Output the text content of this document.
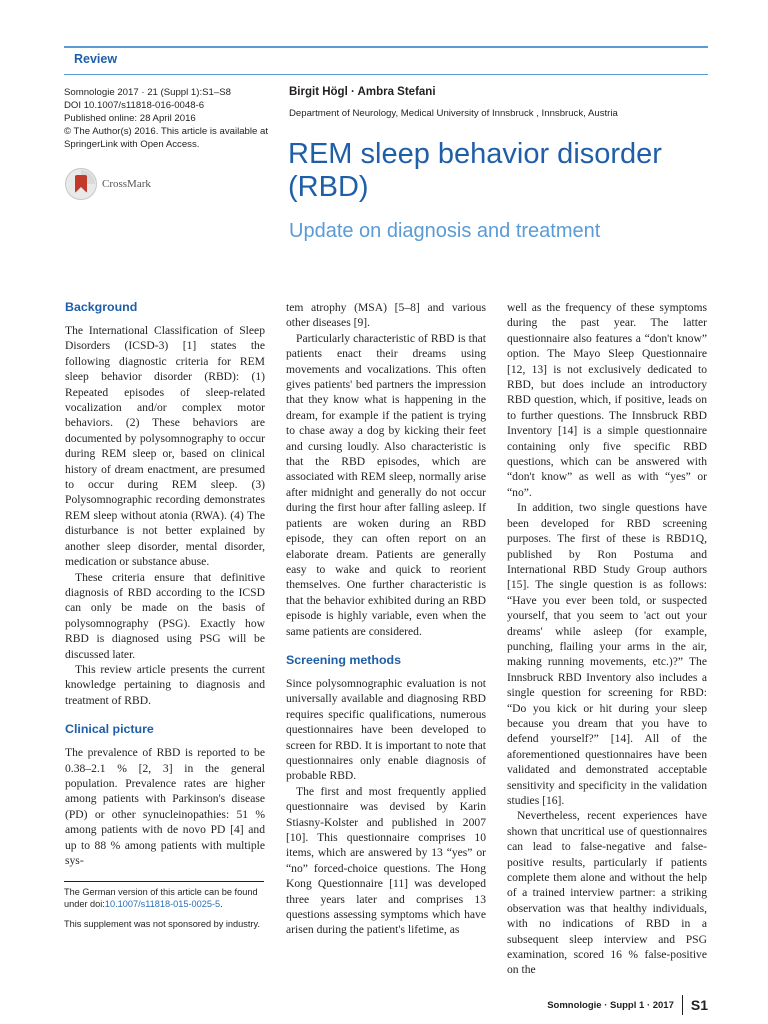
Review
Somnologie 2017 · 21 (Suppl 1):S1–S8
DOI 10.1007/s11818-016-0048-6
Published online: 28 April 2016
© The Author(s) 2016. This article is available at
SpringerLink with Open Access.
CrossMark
Birgit Högl · Ambra Stefani
Department of Neurology, Medical University of Innsbruck , Innsbruck, Austria
REM sleep behavior disorder (RBD)
Update on diagnosis and treatment
Background

The International Classification of Sleep Disorders (ICSD-3) [1] states the following diagnostic criteria for REM sleep behavior disorder (RBD): (1) Repeated episodes of sleep-related vocalization and/or complex motor behaviors. (2) These behaviors are documented by polysomnography to occur during REM sleep or, based on clinical history of dream enactment, are presumed to occur during REM sleep. (3) Polysomnographic recording demonstrates REM sleep without atonia (RWA). (4) The disturbance is not better explained by another sleep disorder, mental disorder, medication or substance abuse.

These criteria ensure that definitive diagnosis of RBD according to the ICSD can only be made on the basis of polysomnography (PSG). Exactly how RBD is diagnosed using PSG will be discussed later.

This review article presents the current knowledge pertaining to diagnosis and treatment of RBD.

Clinical picture

The prevalence of RBD is reported to be 0.38–2.1 % [2, 3] in the general population. Prevalence rates are higher among patients with Parkinson's disease (PD) or other synucleinopathies: 51 % among patients with de novo PD [4] and up to 88 % among patients with multiple sys-

tem atrophy (MSA) [5–8] and various other diseases [9].

Particularly characteristic of RBD is that patients enact their dreams using movements and vocalizations. This often gives patients' bed partners the impression that they know what is happening in the dream, for example if the patient is trying to chase away a dog by kicking their feet and cursing loudly. Also characteristic is that the RBD episodes, which are associated with REM sleep, normally arise after midnight and generally do not occur during the first hour after falling asleep. If patients are woken during an RBD episode, they can often report on an elaborate dream. Patients are generally easy to wake and quick to reorient themselves. One further characteristic is that the behavior exhibited during an RBD episode is highly variable, even when the same patients are considered.

Screening methods

Since polysomnographic evaluation is not universally available and diagnosing RBD requires specific qualifications, numerous questionnaires have been developed to screen for RBD. It is important to note that questionnaires only enable diagnosis of probable RBD.

The first and most frequently applied questionnaire was devised by Karin Stiasny-Kolster and published in 2007 [10]. This questionnaire comprises 10 items, which are answered by 13 “yes” or “no” forced-choice questions. The Hong Kong Questionnaire [11] was developed three years later and comprises 13 questions assessing symptoms which have arisen during the patient's lifetime, as

well as the frequency of these symptoms during the past year. The latter questionnaire also features a “don't know” option. The Mayo Sleep Questionnaire [12, 13] is not exclusively dedicated to RBD, but does include an introductory RBD question, which, if positive, leads on to further questions. The Innsbruck RBD Inventory [14] is a simple questionnaire containing only five specific RBD questions, which can be answered with “don't know” as well as with “yes” or “no”.

In addition, two single questions have been developed for RBD screening purposes. The first of these is RBD1Q, published by Ron Postuma and International RBD Study Group authors [15]. The single question is as follows: “Have you ever been told, or suspected yourself, that you seem to 'act out your dreams' while asleep (for example, punching, flailing your arms in the air, making running movements, etc.)?” The Innsbruck RBD Inventory also includes a single question for screening for RBD: “Do you kick or hit during your sleep because you dream that you have to defend yourself?” [14]. All of the aforementioned questionnaires have been validated and demonstrated acceptable sensitivity and specificity in the validation studies [16].

Nevertheless, recent experiences have shown that uncritical use of questionnaires can lead to false-negative and false-positive results, particularly if patients complete them alone and without the help of a trained interview partner: a striking observation was that healthy individuals, with no indications of RBD in a subsequent sleep interview and PSG examination, scored 16 % false-positive on the

The German version of this article can be found under doi:10.1007/s11818-015-0025-5.

This supplement was not sponsored by industry.

Somnologie · Suppl 1 · 2017 S1
